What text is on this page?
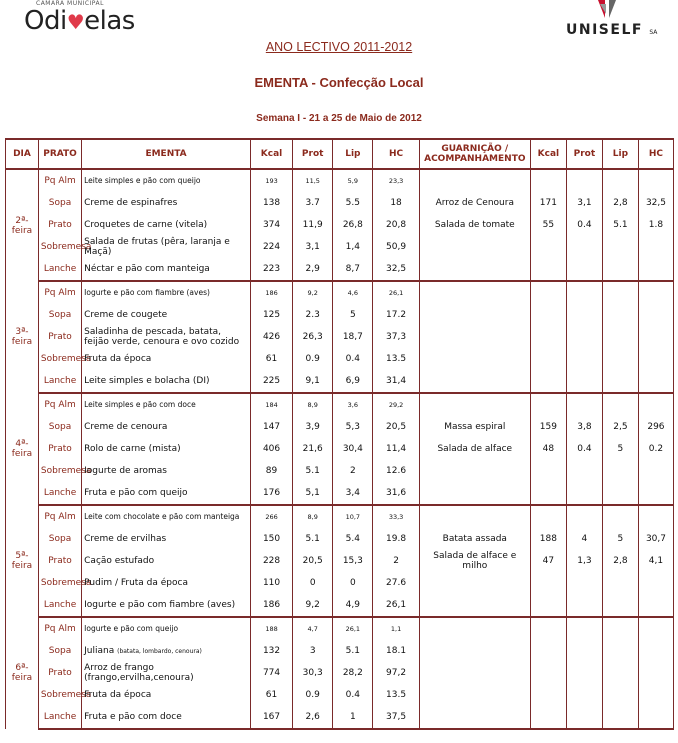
CÂMARA MUNICIPAL
Odi♥elas	UNISELF SA
ANO LECTIVO 2011-2012
EMENTA - Confecção Local
Semana I - 21 a 25 de Maio de 2012
DIA	PRATO	EMENTA	Kcal	Prot	Lip	HC	GUARNIÇÃO / ACOMPANHAMENTO	Kcal	Prot	Lip	HC
2ª-feira	Pq Alm	Leite simples e pão com queijo	193	11,5	5,9	23,3					
	Sopa	Creme de espinafres	138	3.7	5.5	18	Arroz de Cenoura	171	3,1	2,8	32,5
	Prato	Croquetes de carne (vitela)	374	11,9	26,8	20,8	Salada de tomate	55	0.4	5.1	1.8
	Sobremesa	Salada de frutas (pêra, laranja e Maçã)	224	3,1	1,4	50,9					
	Lanche	Néctar e pão com manteiga	223	2,9	8,7	32,5					
3ª-feira	Pq Alm	Iogurte e pão com fiambre (aves)	186	9,2	4,6	26,1					
	Sopa	Creme de cougete	125	2.3	5	17.2					
	Prato	Saladinha de pescada, batata, feijão verde, cenoura e ovo cozido	426	26,3	18,7	37,3					
	Sobremesa	Fruta da época	61	0.9	0.4	13.5					
	Lanche	Leite simples e bolacha (DI)	225	9,1	6,9	31,4					
4ª-feira	Pq Alm	Leite simples e pão com doce	184	8,9	3,6	29,2					
	Sopa	Creme de cenoura	147	3,9	5,3	20,5	Massa espiral	159	3,8	2,5	296
	Prato	Rolo de carne (mista)	406	21,6	30,4	11,4	Salada de alface	48	0.4	5	0.2
	Sobremesa	Iogurte de aromas	89	5.1	2	12.6					
	Lanche	Fruta e pão com queijo	176	5,1	3,4	31,6					
5ª-feira	Pq Alm	Leite com chocolate e pão com manteiga	266	8,9	10,7	33,3					
	Sopa	Creme de ervilhas	150	5.1	5.4	19.8	Batata assada	188	4	5	30,7
	Prato	Cação estufado	228	20,5	15,3	2	Salada de alface e milho	47	1,3	2,8	4,1
	Sobremesa	Pudim / Fruta da época	110	0	0	27.6					
	Lanche	Iogurte e pão com fiambre (aves)	186	9,2	4,9	26,1					
6ª-feira	Pq Alm	Iogurte e pão com queijo	188	4,7	26,1	1,1					
	Sopa	Juliana (batata, lombardo, cenoura)	132	3	5.1	18.1					
	Prato	Arroz de frango (frango,ervilha,cenoura)	774	30,3	28,2	97,2					
	Sobremesa	Fruta da época	61	0.9	0.4	13.5					
	Lanche	Fruta e pão com doce	167	2,6	1	37,5					
